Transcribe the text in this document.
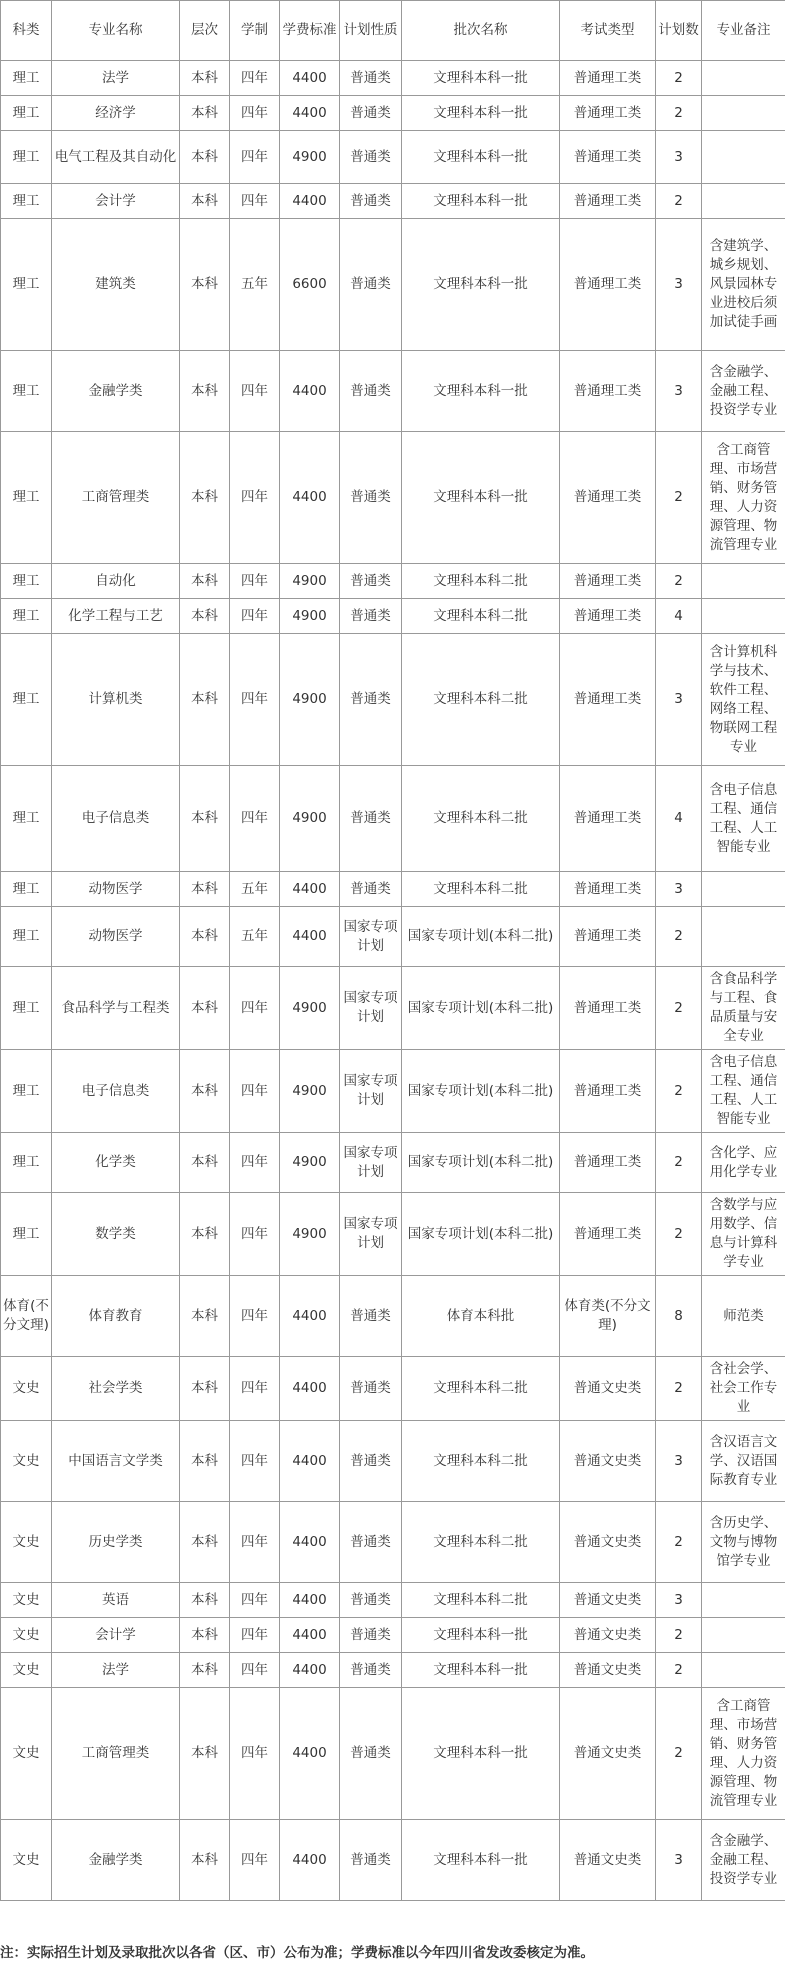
科类	专业名称	层次	学制	学费标准	计划性质	批次名称	考试类型	计划数	专业备注
理工	法学	本科	四年	4400	普通类	文理科本科一批	普通理工类	2	
理工	经济学	本科	四年	4400	普通类	文理科本科一批	普通理工类	2	
理工	电气工程及其自动化	本科	四年	4900	普通类	文理科本科一批	普通理工类	3	
理工	会计学	本科	四年	4400	普通类	文理科本科一批	普通理工类	2	
理工	建筑类	本科	五年	6600	普通类	文理科本科一批	普通理工类	3	含建筑学、城乡规划、风景园林专业进校后须加试徒手画
理工	金融学类	本科	四年	4400	普通类	文理科本科一批	普通理工类	3	含金融学、金融工程、投资学专业
理工	工商管理类	本科	四年	4400	普通类	文理科本科一批	普通理工类	2	含工商管理、市场营销、财务管理、人力资源管理、物流管理专业
理工	自动化	本科	四年	4900	普通类	文理科本科二批	普通理工类	2	
理工	化学工程与工艺	本科	四年	4900	普通类	文理科本科二批	普通理工类	4	
理工	计算机类	本科	四年	4900	普通类	文理科本科二批	普通理工类	3	含计算机科学与技术、软件工程、网络工程、物联网工程专业
理工	电子信息类	本科	四年	4900	普通类	文理科本科二批	普通理工类	4	含电子信息工程、通信工程、人工智能专业
理工	动物医学	本科	五年	4400	普通类	文理科本科二批	普通理工类	3	
理工	动物医学	本科	五年	4400	国家专项计划	国家专项计划(本科二批)	普通理工类	2	
理工	食品科学与工程类	本科	四年	4900	国家专项计划	国家专项计划(本科二批)	普通理工类	2	含食品科学与工程、食品质量与安全专业
理工	电子信息类	本科	四年	4900	国家专项计划	国家专项计划(本科二批)	普通理工类	2	含电子信息工程、通信工程、人工智能专业
理工	化学类	本科	四年	4900	国家专项计划	国家专项计划(本科二批)	普通理工类	2	含化学、应用化学专业
理工	数学类	本科	四年	4900	国家专项计划	国家专项计划(本科二批)	普通理工类	2	含数学与应用数学、信息与计算科学专业
体育(不分文理)	体育教育	本科	四年	4400	普通类	体育本科批	体育类(不分文理)	8	师范类
文史	社会学类	本科	四年	4400	普通类	文理科本科二批	普通文史类	2	含社会学、社会工作专业
文史	中国语言文学类	本科	四年	4400	普通类	文理科本科二批	普通文史类	3	含汉语言文学、汉语国际教育专业
文史	历史学类	本科	四年	4400	普通类	文理科本科二批	普通文史类	2	含历史学、文物与博物馆学专业
文史	英语	本科	四年	4400	普通类	文理科本科二批	普通文史类	3	
文史	会计学	本科	四年	4400	普通类	文理科本科一批	普通文史类	2	
文史	法学	本科	四年	4400	普通类	文理科本科一批	普通文史类	2	
文史	工商管理类	本科	四年	4400	普通类	文理科本科一批	普通文史类	2	含工商管理、市场营销、财务管理、人力资源管理、物流管理专业
文史	金融学类	本科	四年	4400	普通类	文理科本科一批	普通文史类	3	含金融学、金融工程、投资学专业
注：实际招生计划及录取批次以各省（区、市）公布为准；学费标准以今年四川省发改委核定为准。
